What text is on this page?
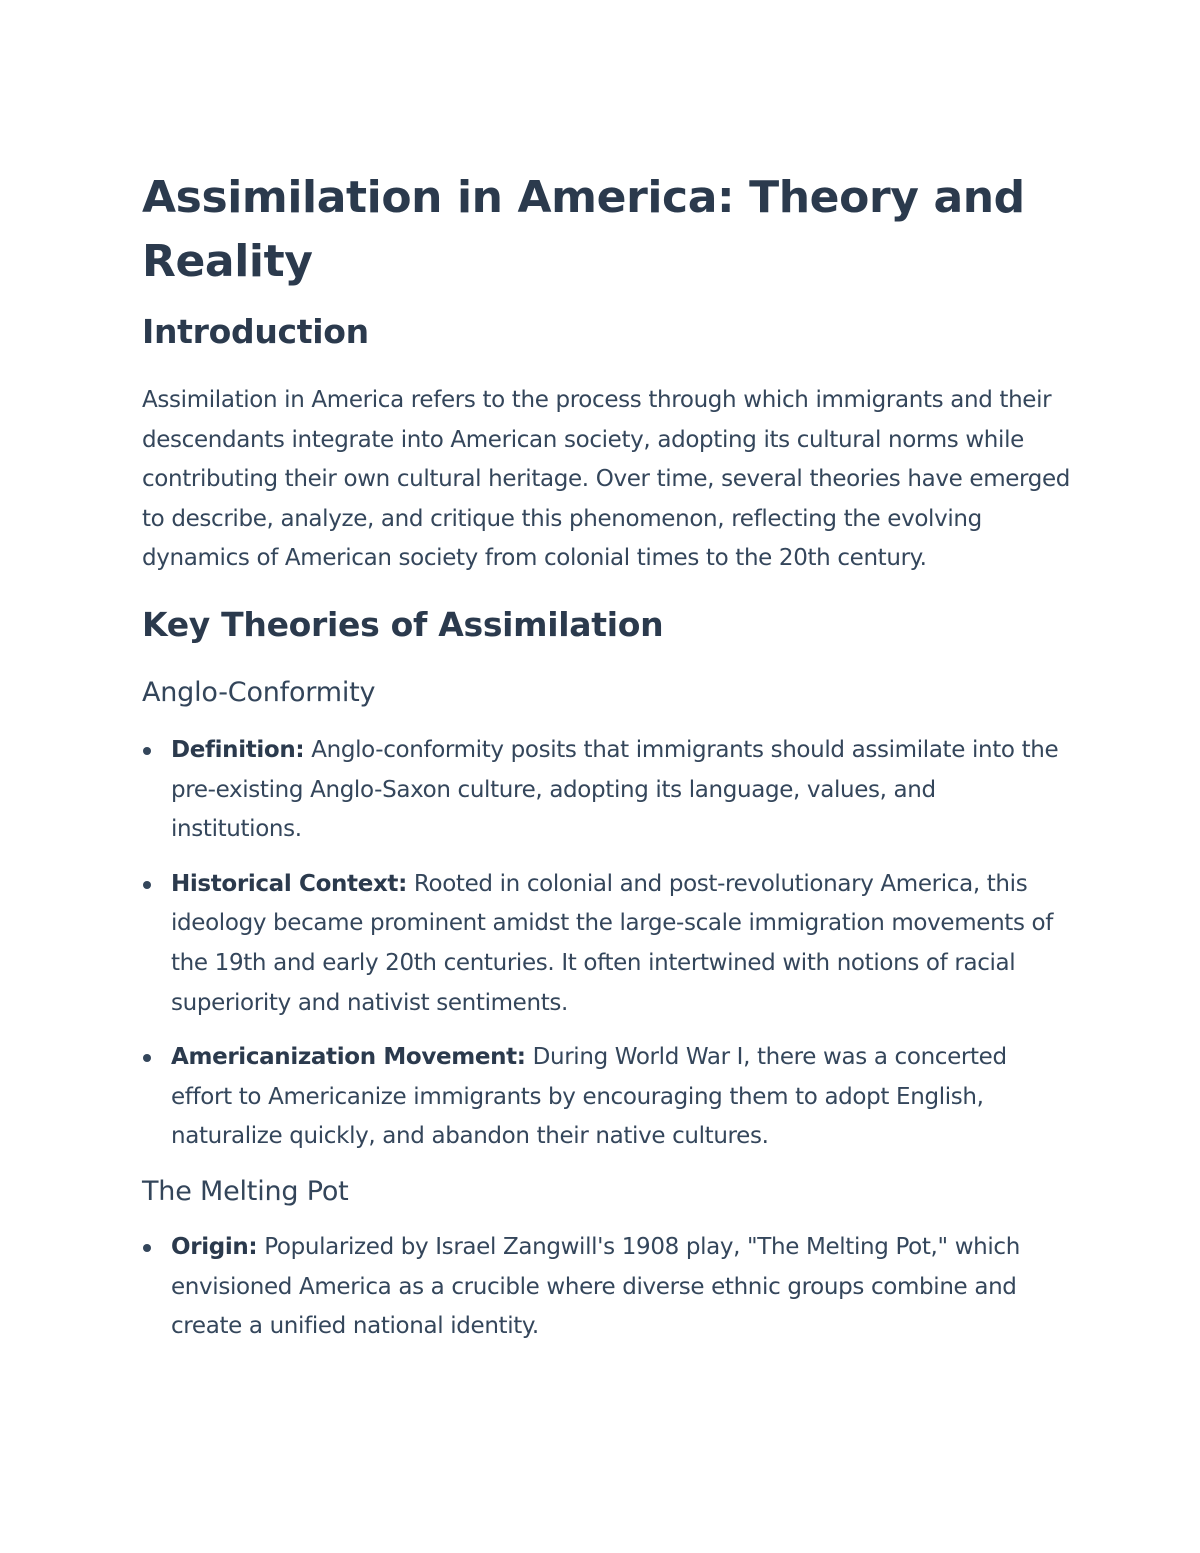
Assimilation in America: Theory and Reality
Introduction

Assimilation in America refers to the process through which immigrants and their descendants integrate into American society, adopting its cultural norms while contributing their own cultural heritage. Over time, several theories have emerged to describe, analyze, and critique this phenomenon, reflecting the evolving dynamics of American society from colonial times to the 20th century.

Key Theories of Assimilation
Anglo-Conformity
Definition: Anglo-conformity posits that immigrants should assimilate into the pre-existing Anglo-Saxon culture, adopting its language, values, and institutions.
Historical Context: Rooted in colonial and post-revolutionary America, this ideology became prominent amidst the large-scale immigration movements of the 19th and early 20th centuries. It often intertwined with notions of racial superiority and nativist sentiments.
Americanization Movement: During World War I, there was a concerted effort to Americanize immigrants by encouraging them to adopt English, naturalize quickly, and abandon their native cultures.
The Melting Pot
Origin: Popularized by Israel Zangwill's 1908 play, "The Melting Pot," which envisioned America as a crucible where diverse ethnic groups combine and create a unified national identity.
